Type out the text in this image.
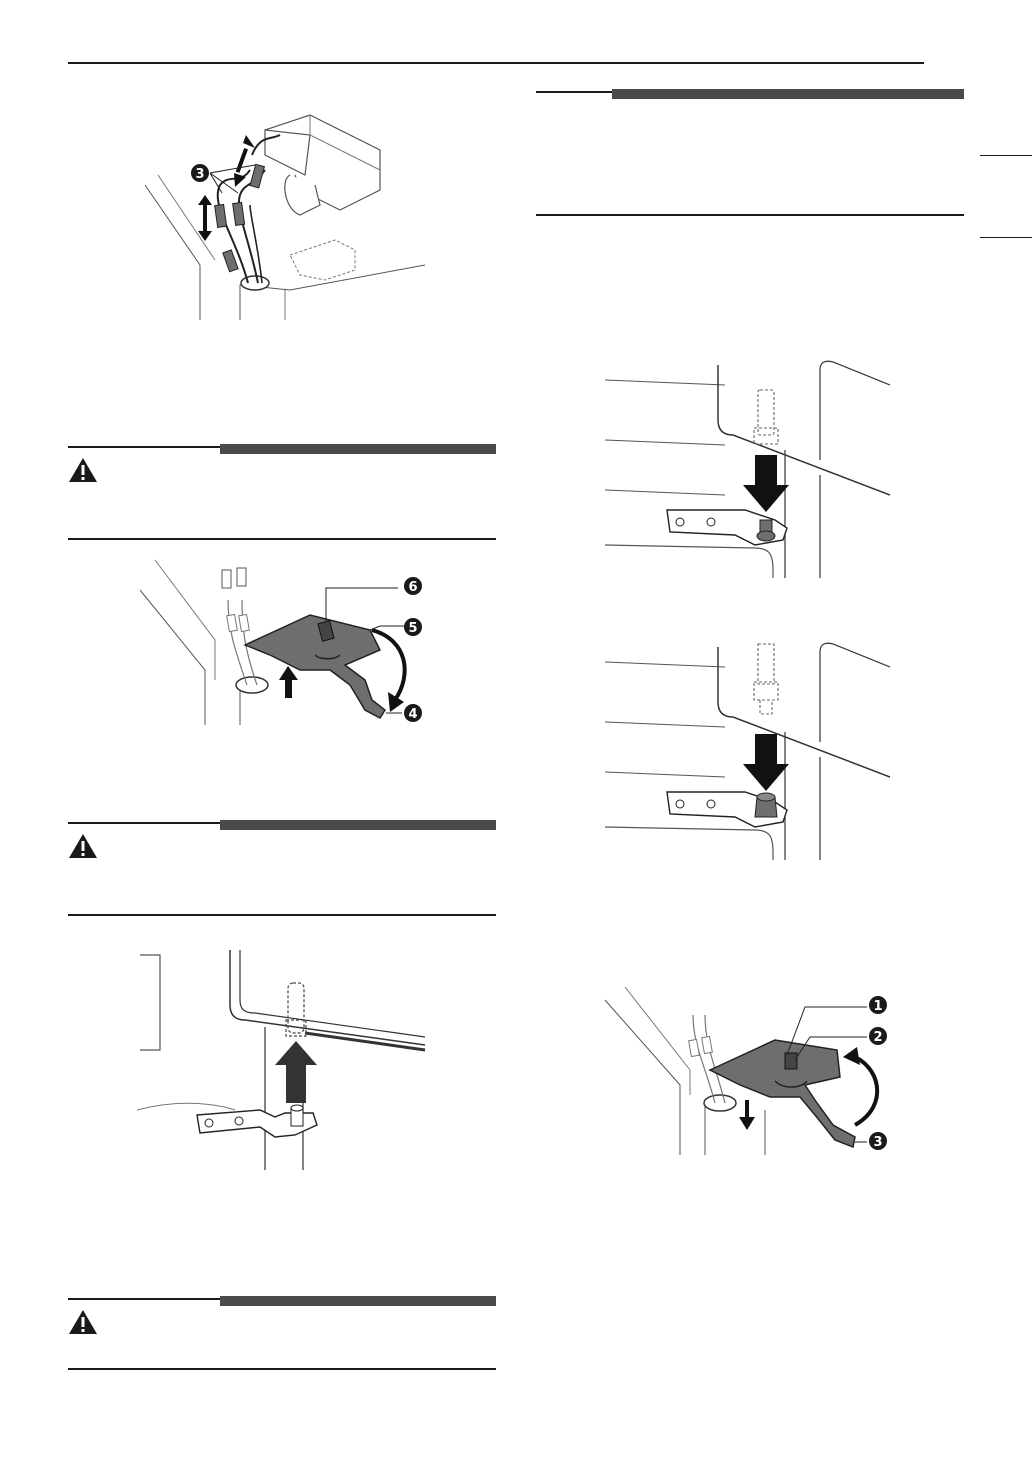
3
6
5
4
1
2
3
